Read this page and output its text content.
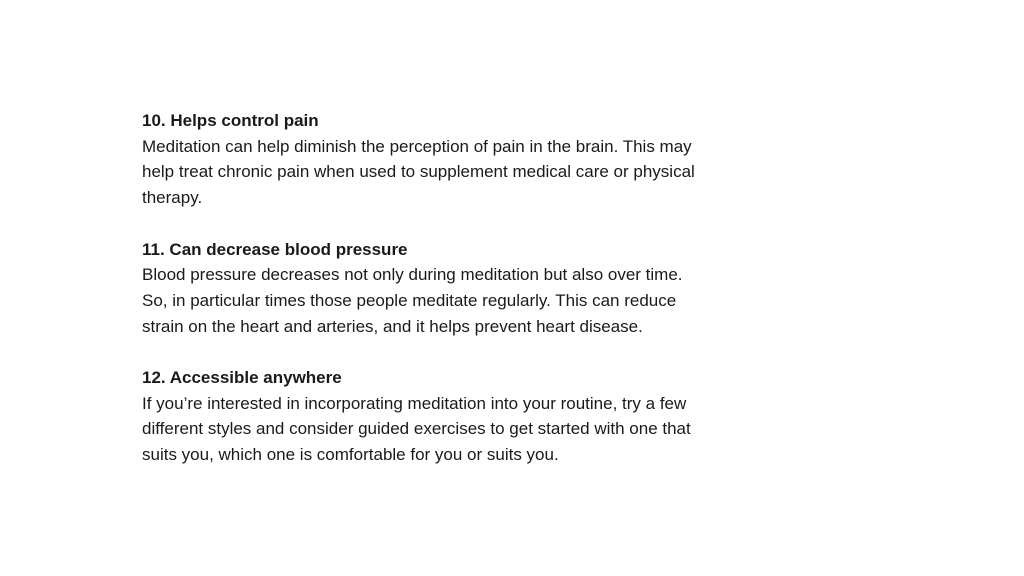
10. Helps control pain

Meditation can help diminish the perception of pain in the brain. This may
help treat chronic pain when used to supplement medical care or physical
therapy.

11. Can decrease blood pressure

Blood pressure decreases not only during meditation but also over time.
So, in particular times those people meditate regularly. This can reduce
strain on the heart and arteries, and it helps prevent heart disease.

12. Accessible anywhere

If you’re interested in incorporating meditation into your routine, try a few
different styles and consider guided exercises to get started with one that
suits you, which one is comfortable for you or suits you.
